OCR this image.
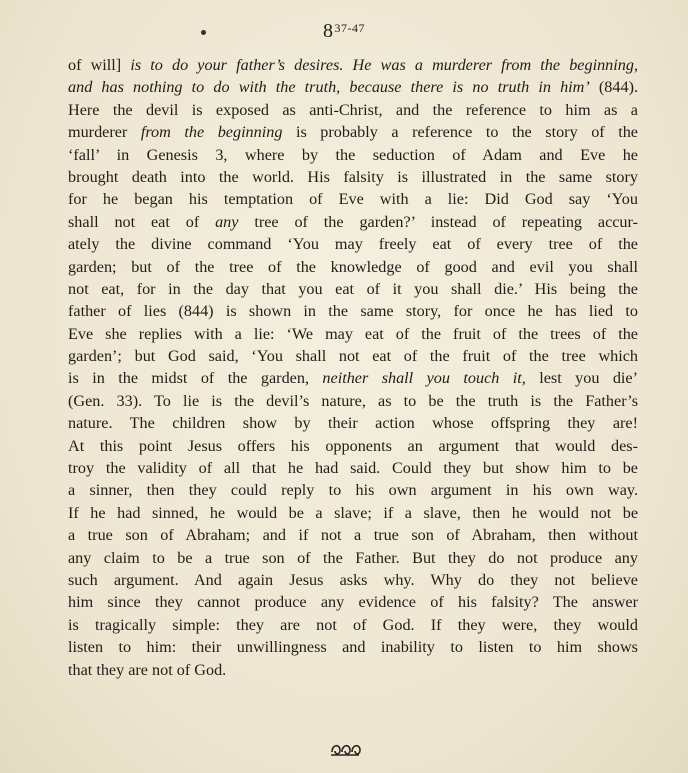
8$^{37-47}$
of will] is to do your father’s desires. He was a murderer from the beginning,
and has nothing to do with the truth, because there is no truth in him’ (844).
Here the devil is exposed as anti-Christ, and the reference to him as a
murderer from the beginning is probably a reference to the story of the
‘fall’ in Genesis 3, where by the seduction of Adam and Eve he
brought death into the world. His falsity is illustrated in the same story
for he began his temptation of Eve with a lie: Did God say ‘You
shall not eat of any tree of the garden?’ instead of repeating accur-
ately the divine command ‘You may freely eat of every tree of the
garden; but of the tree of the knowledge of good and evil you shall
not eat, for in the day that you eat of it you shall die.’ His being the
father of lies (844) is shown in the same story, for once he has lied to
Eve she replies with a lie: ‘We may eat of the fruit of the trees of the
garden’; but God said, ‘You shall not eat of the fruit of the tree which
is in the midst of the garden, neither shall you touch it, lest you die’
(Gen. 33). To lie is the devil’s nature, as to be the truth is the Father’s
nature. The children show by their action whose offspring they are!
At this point Jesus offers his opponents an argument that would des-
troy the validity of all that he had said. Could they but show him to be
a sinner, then they could reply to his own argument in his own way.
If he had sinned, he would be a slave; if a slave, then he would not be
a true son of Abraham; and if not a true son of Abraham, then without
any claim to be a true son of the Father. But they do not produce any
such argument. And again Jesus asks why. Why do they not believe
him since they cannot produce any evidence of his falsity? The answer
is tragically simple: they are not of God. If they were, they would
listen to him: their unwillingness and inability to listen to him shows
that they are not of God.
